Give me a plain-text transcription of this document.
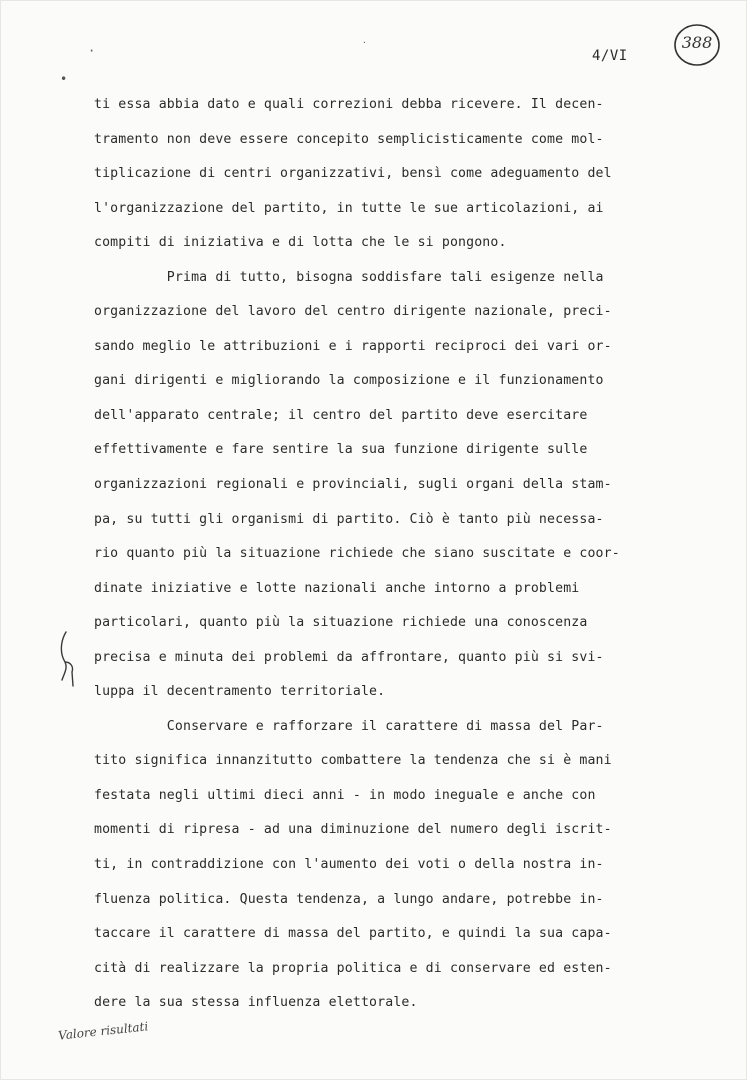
·
•
·
4/VI
388
ti essa abbia dato e quali correzioni debba ricevere. Il decen-
tramento non deve essere concepito semplicisticamente come mol-
tiplicazione di centri organizzativi, bensì come adeguamento del
l'organizzazione del partito, in tutte le sue articolazioni, ai
compiti di iniziativa e di lotta che le si pongono.
Prima di tutto, bisogna soddisfare tali esigenze nella
organizzazione del lavoro del centro dirigente nazionale, preci-
sando meglio le attribuzioni e i rapporti reciproci dei vari or-
gani dirigenti e migliorando la composizione e il funzionamento
dell'apparato centrale; il centro del partito deve esercitare
effettivamente e fare sentire la sua funzione dirigente sulle
organizzazioni regionali e provinciali, sugli organi della stam-
pa, su tutti gli organismi di partito. Ciò è tanto più necessa-
rio quanto più la situazione richiede che siano suscitate e coor-
dinate iniziative e lotte nazionali anche intorno a problemi
particolari, quanto più la situazione richiede una conoscenza
precisa e minuta dei problemi da affrontare, quanto più si svi-
luppa il decentramento territoriale.
Conservare e rafforzare il carattere di massa del Par-
tito significa innanzitutto combattere la tendenza che si è mani
festata negli ultimi dieci anni - in modo ineguale e anche con
momenti di ripresa - ad una diminuzione del numero degli iscrit-
ti, in contraddizione con l'aumento dei voti o della nostra in-
fluenza politica. Questa tendenza, a lungo andare, potrebbe in-
taccare il carattere di massa del partito, e quindi la sua capa-
cità di realizzare la propria politica e di conservare ed esten-
dere la sua stessa influenza elettorale.
Valore risultati
